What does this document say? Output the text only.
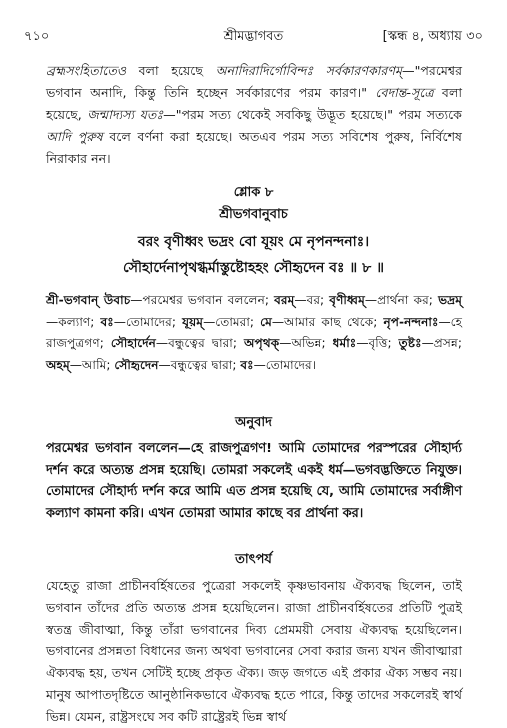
৭১০	শ্রীমদ্ভাগবত	[স্কন্ধ ৪, অধ্যায় ৩০

ব্রহ্মসংহিতাতেও বলা হয়েছে অনাদিরাদির্গোবিন্দঃ সর্বকারণকারণম্—"পরমেশ্বর ভগবান অনাদি, কিন্তু তিনি হচ্ছেন সর্বকারণের পরম কারণ।" বেদান্ত-সূত্রে বলা হয়েছে, জন্মাদ্যস্য যতঃ—"পরম সত্য থেকেই সবকিছু উদ্ভূত হয়েছে।" পরম সত্যকে আদি পুরুষ বলে বর্ণনা করা হয়েছে। অতএব পরম সত্য সবিশেষ পুরুষ, নির্বিশেষ নিরাকার নন।

শ্লোক ৮
শ্রীভগবানুবাচ
বরং বৃণীধ্বং ভদ্রং বো যূয়ং মে নৃপনন্দনাঃ।
সৌহার্দেনাপৃথগ্ধর্মাস্তুষ্টোহহং সৌহৃদেন বঃ ॥ ৮ ॥

শ্রী-ভগবান্ উবাচ—পরমেশ্বর ভগবান বললেন; বরম্—বর; বৃণীধ্বম্—প্রার্থনা কর; ভদ্রম্—কল্যাণ; বঃ—তোমাদের; যূয়ম্—তোমরা; মে—আমার কাছ থেকে; নৃপ-নন্দনাঃ—হে রাজপুত্রগণ; সৌহার্দেন—বন্ধুত্বের দ্বারা; অপৃথক্—অভিন্ন; ধর্মাঃ—বৃত্তি; তুষ্টঃ—প্রসন্ন; অহম্—আমি; সৌহৃদেন—বন্ধুত্বের দ্বারা; বঃ—তোমাদের।

অনুবাদ

পরমেশ্বর ভগবান বললেন—হে রাজপুত্রগণ! আমি তোমাদের পরস্পরের সৌহার্দ্য দর্শন করে অত্যন্ত প্রসন্ন হয়েছি। তোমরা সকলেই একই ধর্ম—ভগবদ্ভক্তিতে নিযুক্ত। তোমাদের সৌহার্দ্য দর্শন করে আমি এত প্রসন্ন হয়েছি যে, আমি তোমাদের সর্বাঙ্গীণ কল্যাণ কামনা করি। এখন তোমরা আমার কাছে বর প্রার্থনা কর।

তাৎপর্য

যেহেতু রাজা প্রাচীনবর্হিষতের পুত্রেরা সকলেই কৃষ্ণভাবনায় ঐক্যবদ্ধ ছিলেন, তাই ভগবান তাঁদের প্রতি অত্যন্ত প্রসন্ন হয়েছিলেন। রাজা প্রাচীনবর্হিষতের প্রতিটি পুত্রই স্বতন্ত্র জীবাত্মা, কিন্তু তাঁরা ভগবানের দিব্য প্রেমময়ী সেবায় ঐক্যবদ্ধ হয়েছিলেন। ভগবানের প্রসন্নতা বিধানের জন্য অথবা ভগবানের সেবা করার জন্য যখন জীবাত্মারা ঐক্যবদ্ধ হয়, তখন সেটিই হচ্ছে প্রকৃত ঐক্য। জড় জগতে এই প্রকার ঐক্য সম্ভব নয়। মানুষ আপাতদৃষ্টিতে আনুষ্ঠানিকভাবে ঐক্যবদ্ধ হতে পারে, কিন্তু তাদের সকলেরই স্বার্থ ভিন্ন। যেমন, রাষ্ট্রসংঘে সব কটি রাষ্ট্রেরই ভিন্ন স্বার্থ
